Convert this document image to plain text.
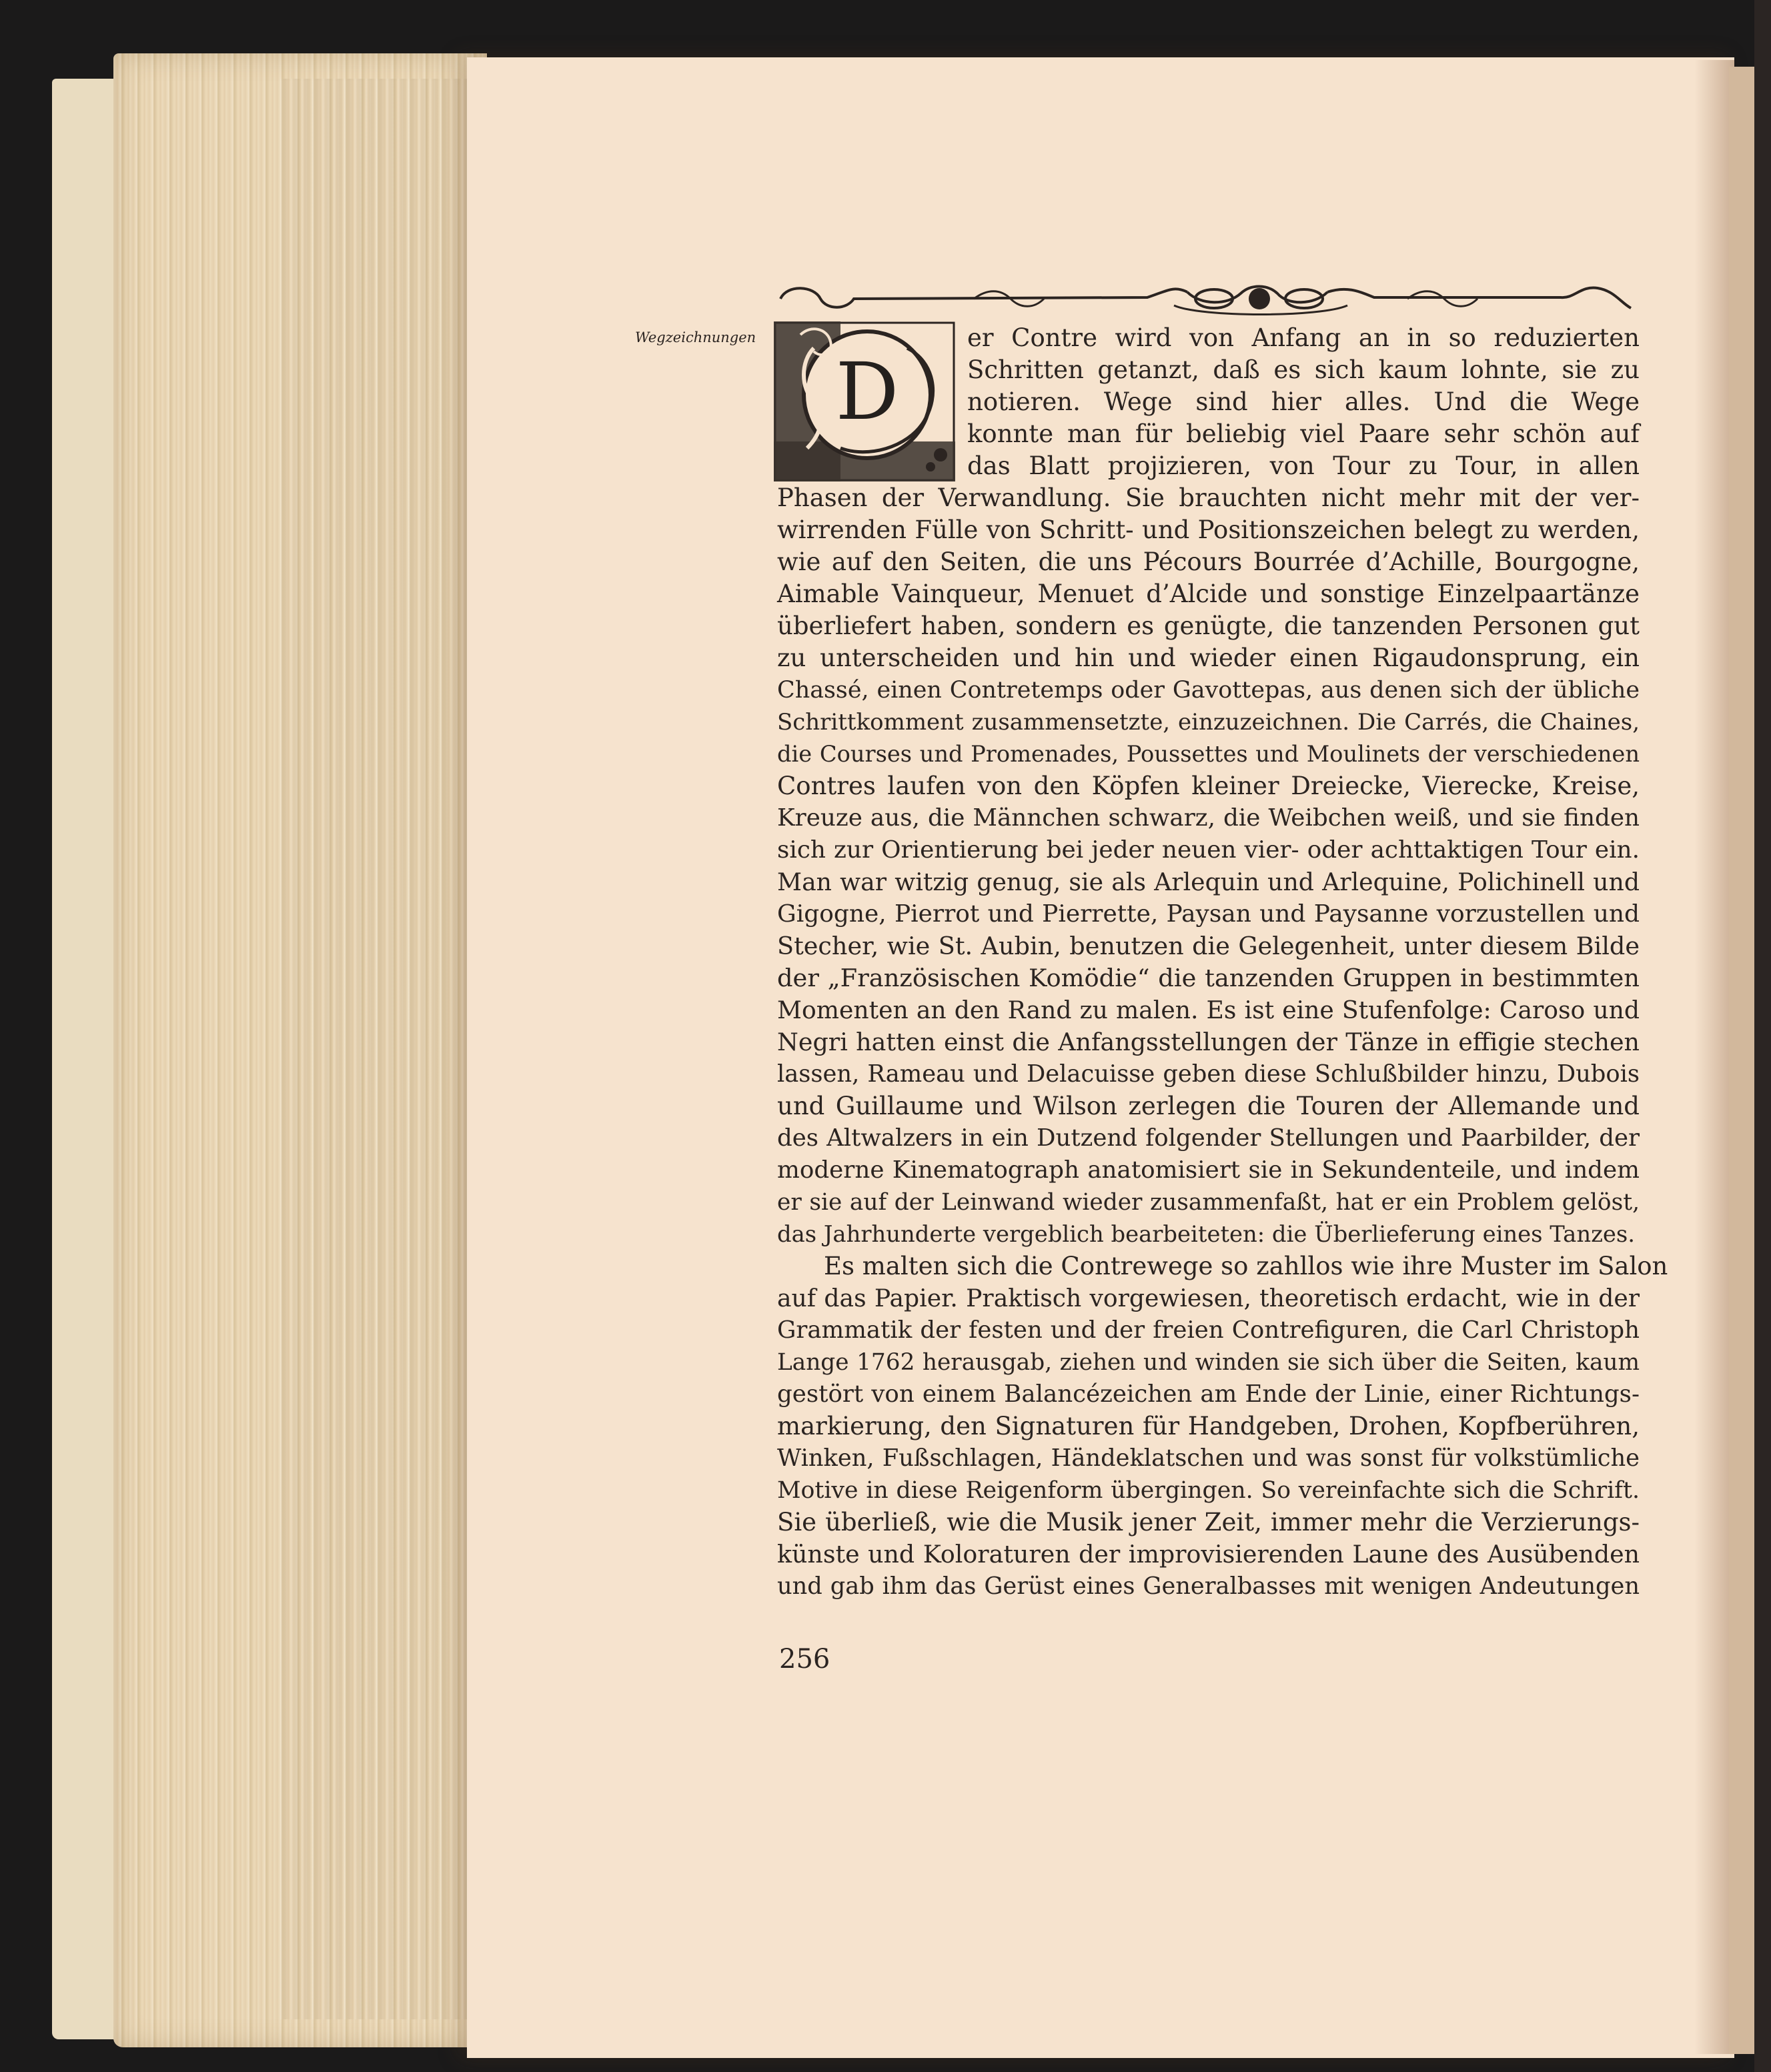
Wegzeichnungen
D
er Contre wird von Anfang an in so reduzierten
Schritten getanzt, daß es sich kaum lohnte, sie zu
notieren. Wege sind hier alles. Und die Wege
konnte man für beliebig viel Paare sehr schön auf
das Blatt projizieren, von Tour zu Tour, in allen
Phasen der Verwandlung. Sie brauchten nicht mehr mit der ver-
wirrenden Fülle von Schritt- und Positionszeichen belegt zu werden,
wie auf den Seiten, die uns Pécours Bourrée d’Achille, Bourgogne,
Aimable Vainqueur, Menuet d’Alcide und sonstige Einzelpaartänze
überliefert haben, sondern es genügte, die tanzenden Personen gut
zu unterscheiden und hin und wieder einen Rigaudonsprung, ein
Chassé, einen Contretemps oder Gavottepas, aus denen sich der übliche
Schrittkomment zusammensetzte, einzuzeichnen. Die Carrés, die Chaines,
die Courses und Promenades, Poussettes und Moulinets der verschiedenen
Contres laufen von den Köpfen kleiner Dreiecke, Vierecke, Kreise,
Kreuze aus, die Männchen schwarz, die Weibchen weiß, und sie finden
sich zur Orientierung bei jeder neuen vier- oder achttaktigen Tour ein.
Man war witzig genug, sie als Arlequin und Arlequine, Polichinell und
Gigogne, Pierrot und Pierrette, Paysan und Paysanne vorzustellen und
Stecher, wie St. Aubin, benutzen die Gelegenheit, unter diesem Bilde
der „Französischen Komödie“ die tanzenden Gruppen in bestimmten
Momenten an den Rand zu malen. Es ist eine Stufenfolge: Caroso und
Negri hatten einst die Anfangsstellungen der Tänze in effigie stechen
lassen, Rameau und Delacuisse geben diese Schlußbilder hinzu, Dubois
und Guillaume und Wilson zerlegen die Touren der Allemande und
des Altwalzers in ein Dutzend folgender Stellungen und Paarbilder, der
moderne Kinematograph anatomisiert sie in Sekundenteile, und indem
er sie auf der Leinwand wieder zusammenfaßt, hat er ein Problem gelöst,
das Jahrhunderte vergeblich bearbeiteten: die Überlieferung eines Tanzes.
Es malten sich die Contrewege so zahllos wie ihre Muster im Salon
auf das Papier. Praktisch vorgewiesen, theoretisch erdacht, wie in der
Grammatik der festen und der freien Contrefiguren, die Carl Christoph
Lange 1762 herausgab, ziehen und winden sie sich über die Seiten, kaum
gestört von einem Balancézeichen am Ende der Linie, einer Richtungs-
markierung, den Signaturen für Handgeben, Drohen, Kopfberühren,
Winken, Fußschlagen, Händeklatschen und was sonst für volkstümliche
Motive in diese Reigenform übergingen. So vereinfachte sich die Schrift.
Sie überließ, wie die Musik jener Zeit, immer mehr die Verzierungs-
künste und Koloraturen der improvisierenden Laune des Ausübenden
und gab ihm das Gerüst eines Generalbasses mit wenigen Andeutungen
256
